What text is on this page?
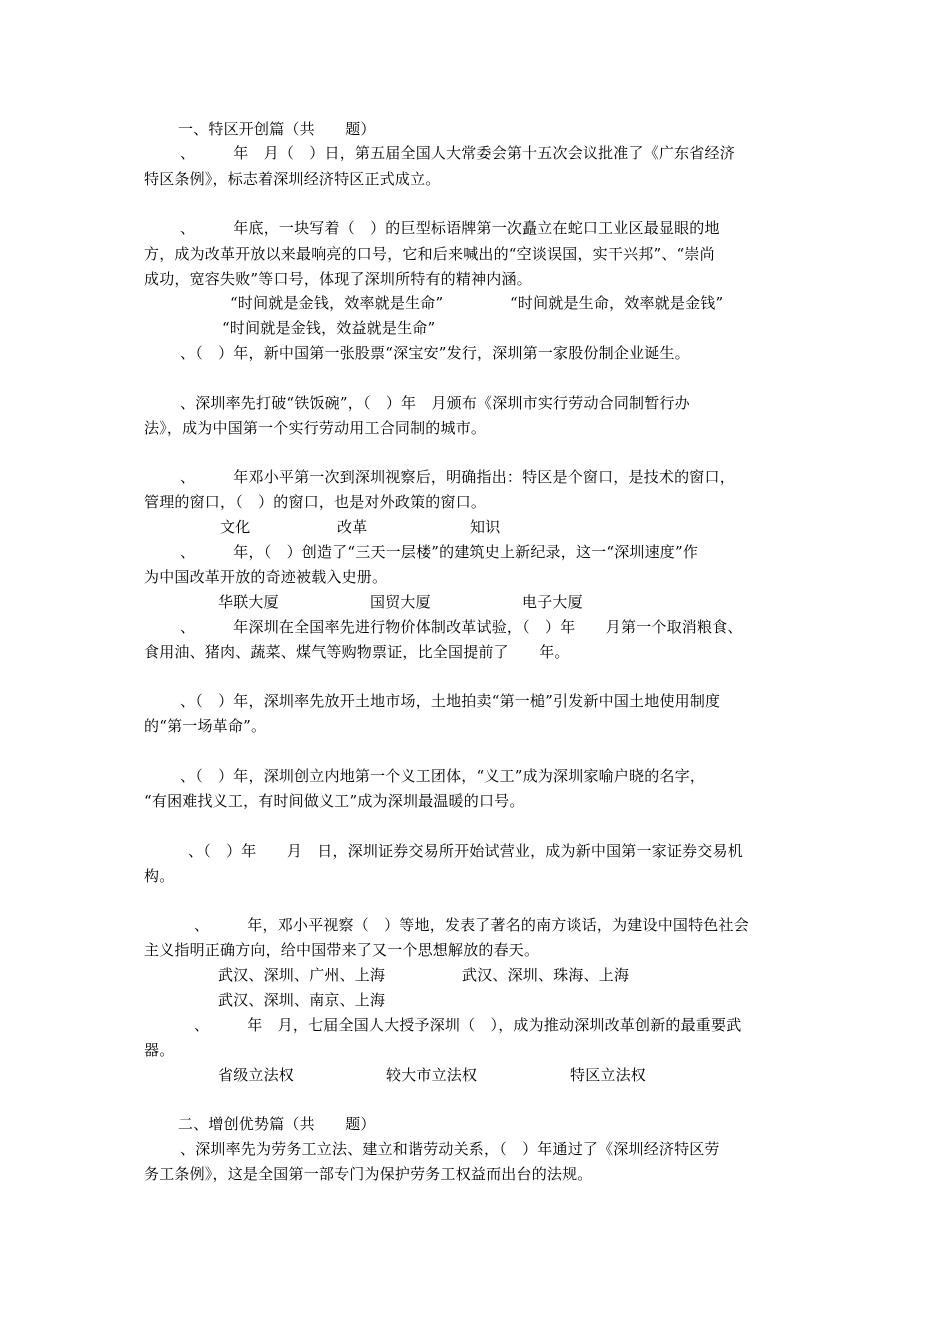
一、特区开创篇（共　　题）
、　　　年　月（　）日，第五届全国人大常委会第十五次会议批准了《广东省经济
特区条例》，标志着深圳经济特区正式成立。
、　　　年底，一块写着（　）的巨型标语牌第一次矗立在蛇口工业区最显眼的地
方，成为改革开放以来最响亮的口号，它和后来喊出的“空谈误国，实干兴邦”、“崇尚
成功，宽容失败”等口号，体现了深圳所特有的精神内涵。
“时间就是金钱，效率就是生命”	“时间就是生命，效率就是金钱”
“时间就是金钱，效益就是生命”
、（　）年，新中国第一张股票“深宝安”发行，深圳第一家股份制企业诞生。
、深圳率先打破“铁饭碗”，（　）年　月颁布《深圳市实行劳动合同制暂行办
法》，成为中国第一个实行劳动用工合同制的城市。
、　　　年邓小平第一次到深圳视察后，明确指出：特区是个窗口，是技术的窗口，
管理的窗口，（　）的窗口，也是对外政策的窗口。
文化	改革	知识
、　　　年，（　）创造了“三天一层楼”的建筑史上新纪录，这一“深圳速度”作
为中国改革开放的奇迹被载入史册。
华联大厦	国贸大厦	电子大厦
、　　　年深圳在全国率先进行物价体制改革试验，（　）年　　月第一个取消粮食、
食用油、猪肉、蔬菜、煤气等购物票证，比全国提前了　　年。
、（　）年，深圳率先放开土地市场，土地拍卖“第一槌”引发新中国土地使用制度
的“第一场革命”。
、（　）年，深圳创立内地第一个义工团体，“义工”成为深圳家喻户晓的名字，
“有困难找义工，有时间做义工”成为深圳最温暖的口号。
、（　）年　　月　日，深圳证券交易所开始试营业，成为新中国第一家证券交易机
构。
、　　　年，邓小平视察（　）等地，发表了著名的南方谈话，为建设中国特色社会
主义指明正确方向，给中国带来了又一个思想解放的春天。
武汉、深圳、广州、上海	武汉、深圳、珠海、上海
武汉、深圳、南京、上海
、　　　年　月，七届全国人大授予深圳（　），成为推动深圳改革创新的最重要武
器。
省级立法权	较大市立法权	特区立法权
二、增创优势篇（共　　题）
、深圳率先为劳务工立法、建立和谐劳动关系，（　）年通过了《深圳经济特区劳
务工条例》，这是全国第一部专门为保护劳务工权益而出台的法规。
